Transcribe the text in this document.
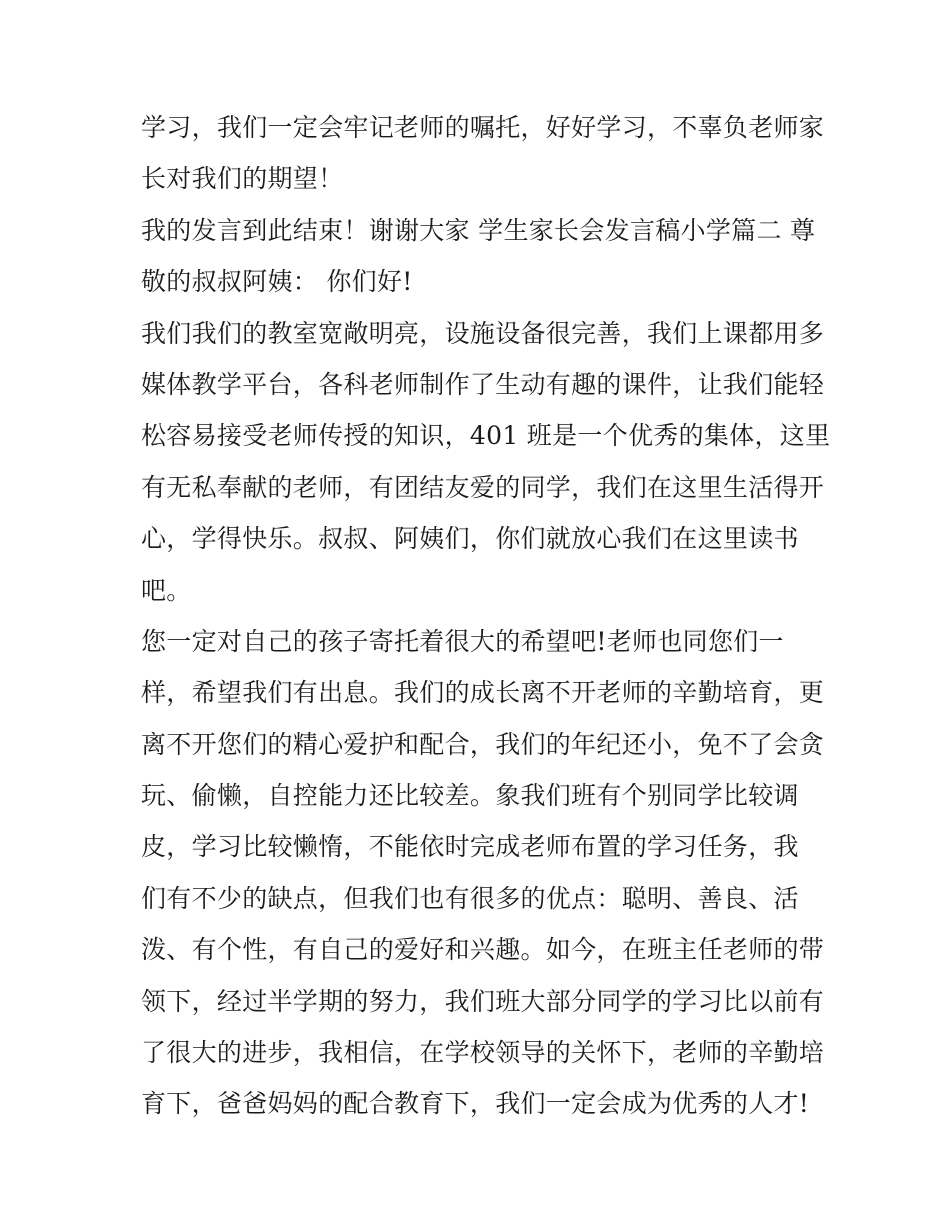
学习，我们一定会牢记老师的嘱托，好好学习，不辜负老师家
长对我们的期望！
我的发言到此结束！谢谢大家 学生家长会发言稿小学篇二 尊
敬的叔叔阿姨： 你们好!
我们我们的教室宽敞明亮，设施设备很完善，我们上课都用多
媒体教学平台，各科老师制作了生动有趣的课件，让我们能轻
松容易接受老师传授的知识，401 班是一个优秀的集体，这里
有无私奉献的老师，有团结友爱的同学，我们在这里生活得开
心，学得快乐。叔叔、阿姨们，你们就放心我们在这里读书
吧。
您一定对自己的孩子寄托着很大的希望吧!老师也同您们一
样，希望我们有出息。我们的成长离不开老师的辛勤培育，更
离不开您们的精心爱护和配合，我们的年纪还小，免不了会贪
玩、偷懒，自控能力还比较差。象我们班有个别同学比较调
皮，学习比较懒惰，不能依时完成老师布置的学习任务，我
们有不少的缺点，但我们也有很多的优点：聪明、善良、活
泼、有个性，有自己的爱好和兴趣。如今，在班主任老师的带
领下，经过半学期的努力，我们班大部分同学的学习比以前有
了很大的进步，我相信，在学校领导的关怀下，老师的辛勤培
育下，爸爸妈妈的配合教育下，我们一定会成为优秀的人才!
